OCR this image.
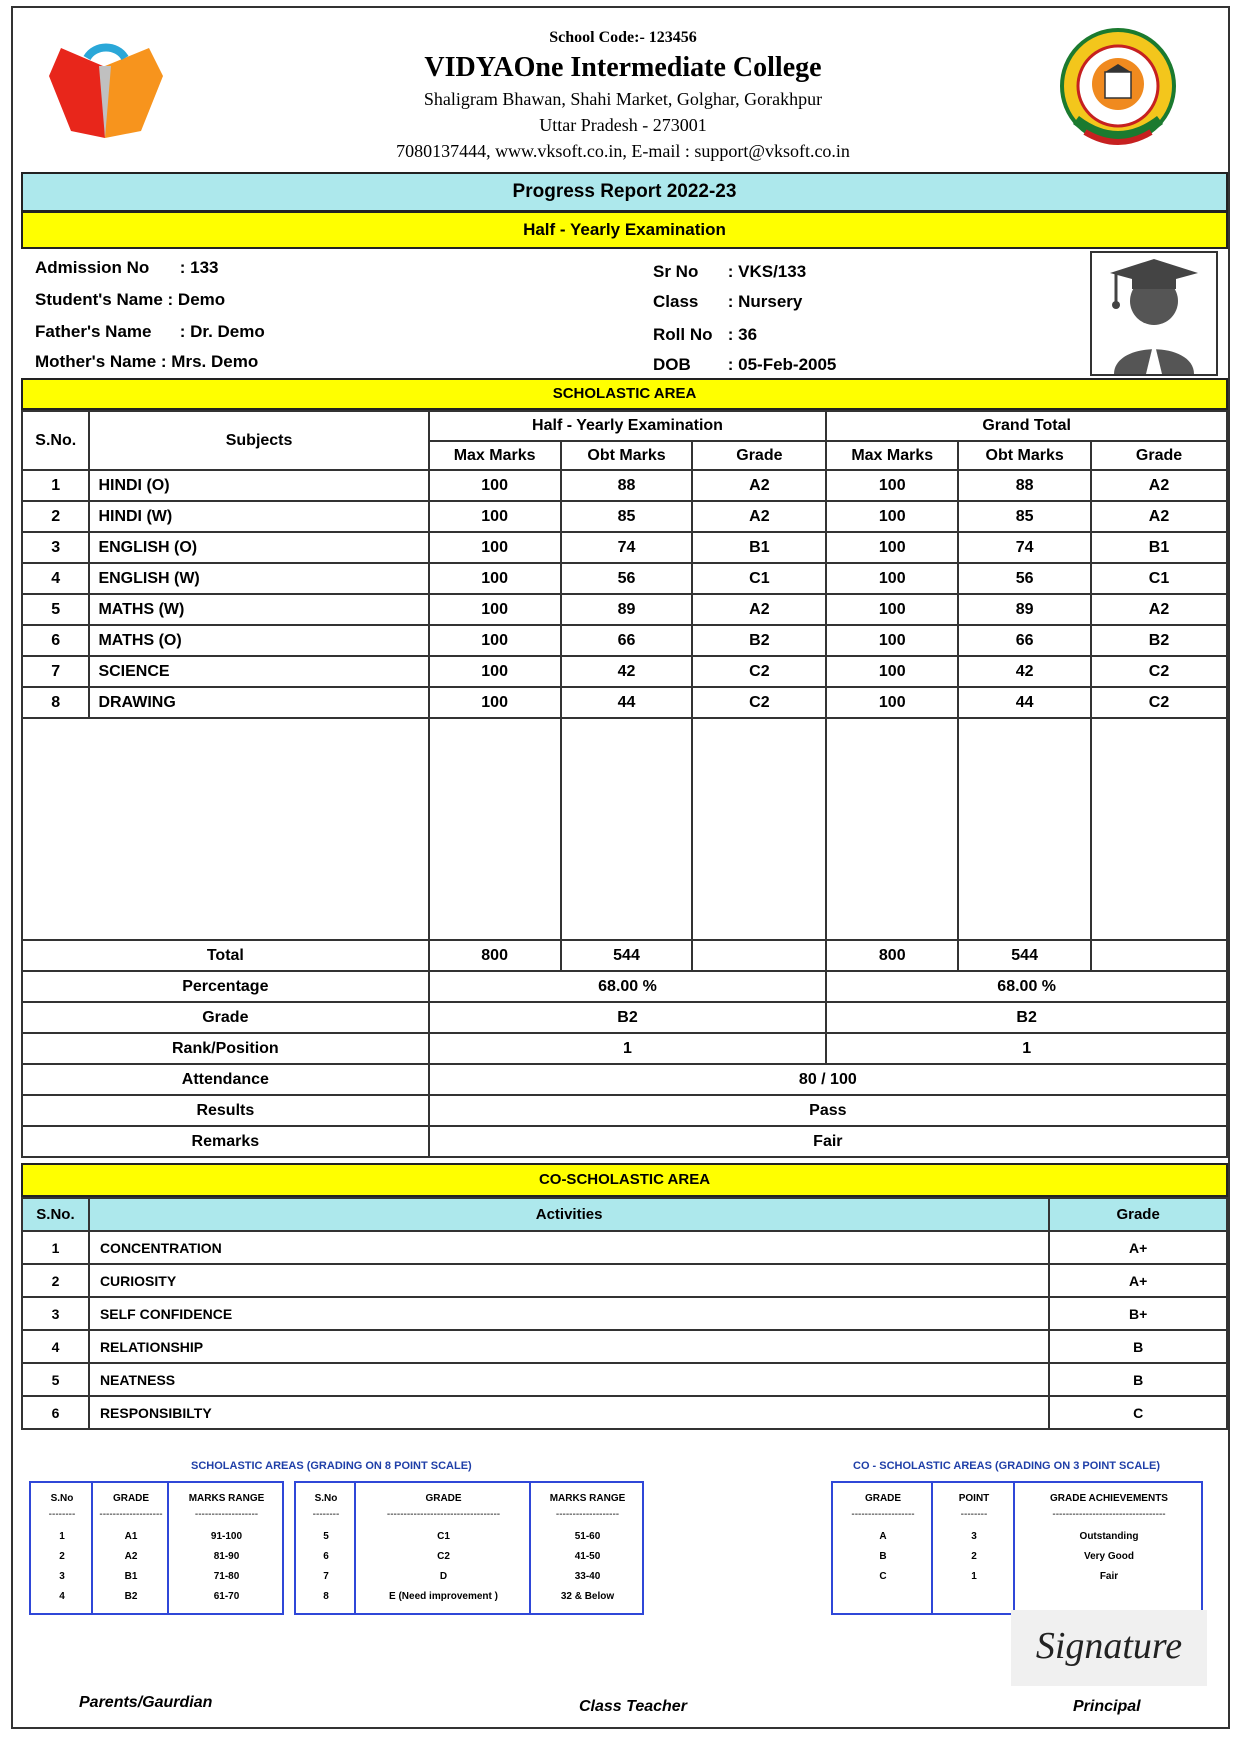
School Code:- 123456
VIDYAOne Intermediate College
Shaligram Bhawan, Shahi Market, Golghar, Gorakhpur
Uttar Pradesh - 273001
7080137444, www.vksoft.co.in, E-mail : support@vksoft.co.in
Progress Report 2022-23
Half - Yearly Examination
Admission No : 133
Student's Name : Demo
Father's Name : Dr. Demo
Mother's Name : Mrs. Demo
Sr No : VKS/133
Class : Nursery
Roll No : 36
DOB : 05-Feb-2005
SCHOLASTIC AREA
S.No.	Subjects	Half - Yearly Examination			Grand Total		
		Max Marks	Obt Marks	Grade	Max Marks	Obt Marks	Grade
1	HINDI (O)	100	88	A2	100	88	A2
2	HINDI (W)	100	85	A2	100	85	A2
3	ENGLISH (O)	100	74	B1	100	74	B1
4	ENGLISH (W)	100	56	C1	100	56	C1
5	MATHS (W)	100	89	A2	100	89	A2
6	MATHS (O)	100	66	B2	100	66	B2
7	SCIENCE	100	42	C2	100	42	C2
8	DRAWING	100	44	C2	100	44	C2

Total		800	544		800	544	
Percentage		68.00 %			68.00 %		
Grade		B2			B2		
Rank/Position		1			1		
Attendance		80 / 100					
Results		Pass					
Remarks		Fair					
CO-SCHOLASTIC AREA
S.No.	Activities	Grade
1	CONCENTRATION	A+
2	CURIOSITY	A+
3	SELF CONFIDENCE	B+
4	RELATIONSHIP	B
5	NEATNESS	B
6	RESPONSIBILTY	C
SCHOLASTIC AREAS (GRADING ON 8 POINT SCALE)	CO - SCHOLASTIC AREAS (GRADING ON 3 POINT SCALE)
S.No	GRADE	MARKS RANGE
--------	-------------------	-------------------
1	A1	91-100
2	A2	81-90
3	B1	71-80
4	B2	61-70
S.No	GRADE	MARKS RANGE
--------	----------------------------------	-------------------
5	C1	51-60
6	C2	41-50
7	D	33-40
8	E (Need improvement )	32 & Below
GRADE	POINT	GRADE ACHIEVEMENTS
-------------------	--------	----------------------------------
A	3	Outstanding
B	2	Very Good
C	1	Fair
Signature
Parents/Gaurdian	Class Teacher	Principal
